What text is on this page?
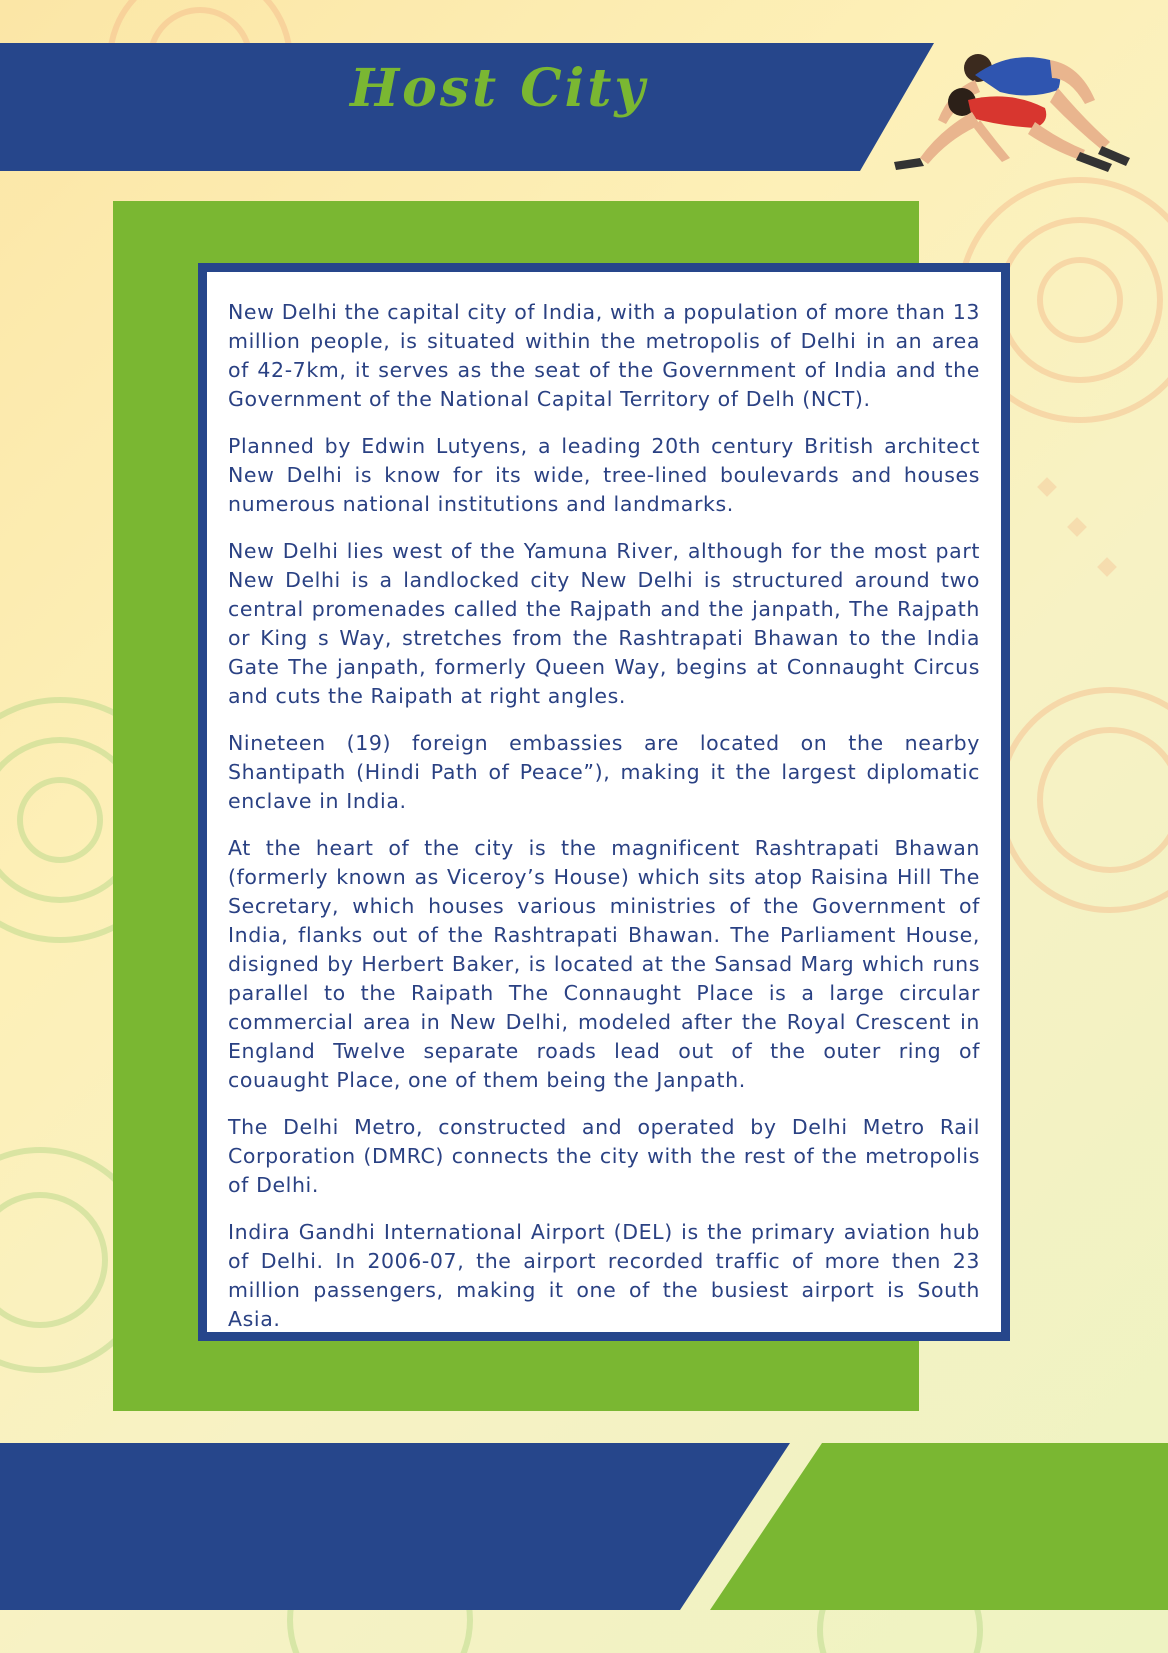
Host City

New Delhi the capital city of India, with a population of more than 13 million people, is situated within the metropolis of Delhi in an area of 42-7km, it serves as the seat of the Government of India and the Government of the National Capital Territory of Delh (NCT).

Planned by Edwin Lutyens, a leading 20th century British architect New Delhi is know for its wide, tree-lined boulevards and houses numerous national institutions and landmarks.

New Delhi lies west of the Yamuna River, although for the most part New Delhi is a landlocked city New Delhi is structured around two central promenades called the Rajpath and the janpath, The Rajpath or King s Way, stretches from the Rashtrapati Bhawan to the India Gate The janpath, formerly Queen Way, begins at Connaught Circus and cuts the Raipath at right angles.

Nineteen (19) foreign embassies are located on the nearby Shantipath (Hindi Path of Peace”), making it the largest diplomatic enclave in India.

At the heart of the city is the magnificent Rashtrapati Bhawan (formerly known as Viceroy’s House) which sits atop Raisina Hill The Secretary, which houses various ministries of the Government of India, flanks out of the Rashtrapati Bhawan. The Parliament House, disigned by Herbert Baker, is located at the Sansad Marg which runs parallel to the Raipath The Connaught Place is a large circular commercial area in New Delhi, modeled after the Royal Crescent in England Twelve separate roads lead out of the outer ring of couaught Place, one of them being the Janpath.

The Delhi Metro, constructed and operated by Delhi Metro Rail Corporation (DMRC) connects the city with the rest of the metropolis of Delhi.

Indira Gandhi International Airport (DEL) is the primary aviation hub of Delhi. In 2006-07, the airport recorded traffic of more then 23 million passengers, making it one of the busiest airport is South Asia.
